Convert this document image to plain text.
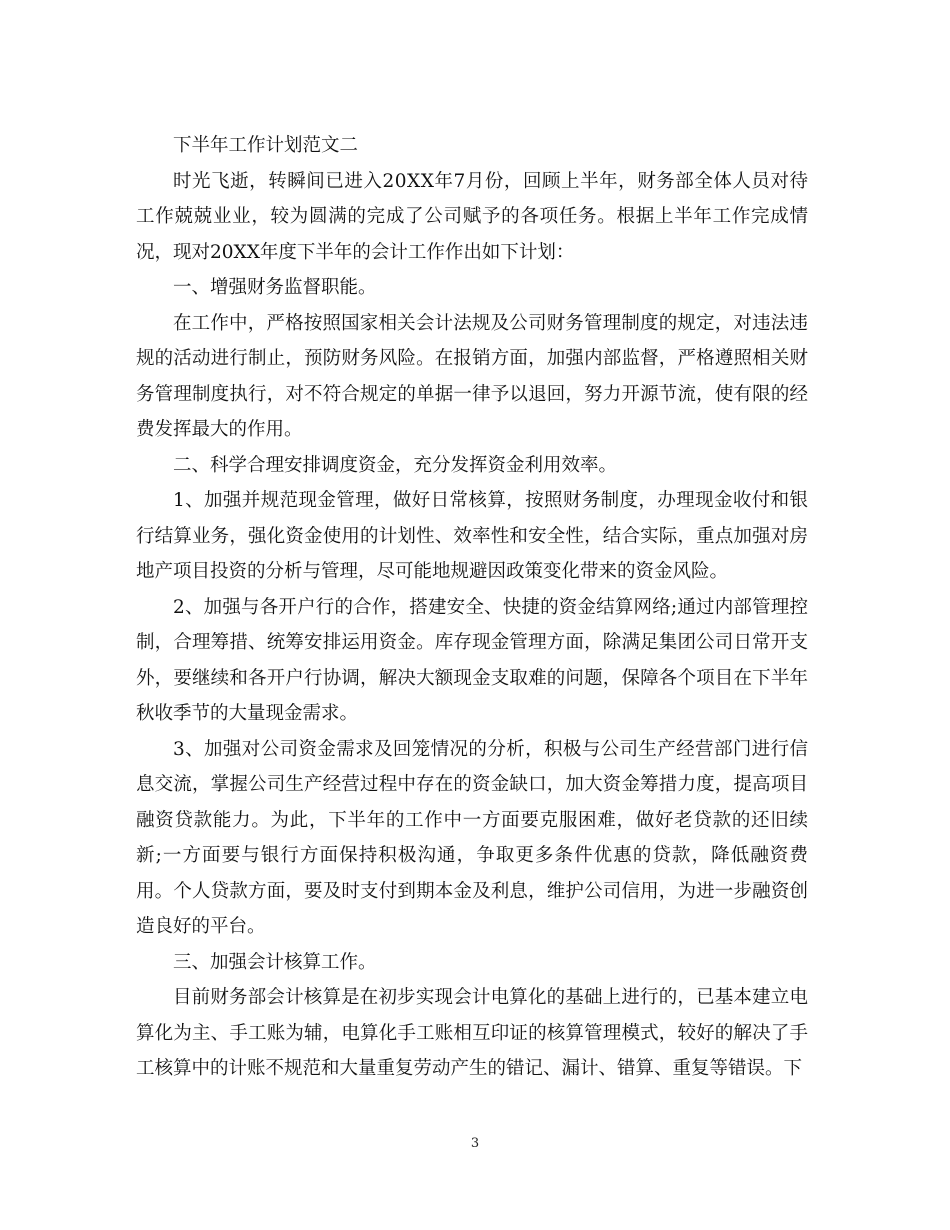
下半年工作计划范文二
时光飞逝，转瞬间已进入20XX年7月份，回顾上半年，财务部全体人员对待
工作兢兢业业，较为圆满的完成了公司赋予的各项任务。根据上半年工作完成情
况，现对20XX年度下半年的会计工作作出如下计划：
一、增强财务监督职能。
在工作中，严格按照国家相关会计法规及公司财务管理制度的规定，对违法违
规的活动进行制止，预防财务风险。在报销方面，加强内部监督，严格遵照相关财
务管理制度执行，对不符合规定的单据一律予以退回，努力开源节流，使有限的经
费发挥最大的作用。
二、科学合理安排调度资金，充分发挥资金利用效率。
1、加强并规范现金管理，做好日常核算，按照财务制度，办理现金收付和银
行结算业务，强化资金使用的计划性、效率性和安全性，结合实际，重点加强对房
地产项目投资的分析与管理，尽可能地规避因政策变化带来的资金风险。
2、加强与各开户行的合作，搭建安全、快捷的资金结算网络;通过内部管理控
制，合理筹措、统筹安排运用资金。库存现金管理方面，除满足集团公司日常开支
外，要继续和各开户行协调，解决大额现金支取难的问题，保障各个项目在下半年
秋收季节的大量现金需求。
3、加强对公司资金需求及回笼情况的分析，积极与公司生产经营部门进行信
息交流，掌握公司生产经营过程中存在的资金缺口，加大资金筹措力度，提高项目
融资贷款能力。为此，下半年的工作中一方面要克服困难，做好老贷款的还旧续
新;一方面要与银行方面保持积极沟通，争取更多条件优惠的贷款，降低融资费
用。个人贷款方面，要及时支付到期本金及利息，维护公司信用，为进一步融资创
造良好的平台。
三、加强会计核算工作。
目前财务部会计核算是在初步实现会计电算化的基础上进行的，已基本建立电
算化为主、手工账为辅，电算化手工账相互印证的核算管理模式，较好的解决了手
工核算中的计账不规范和大量重复劳动产生的错记、漏计、错算、重复等错误。下
3
